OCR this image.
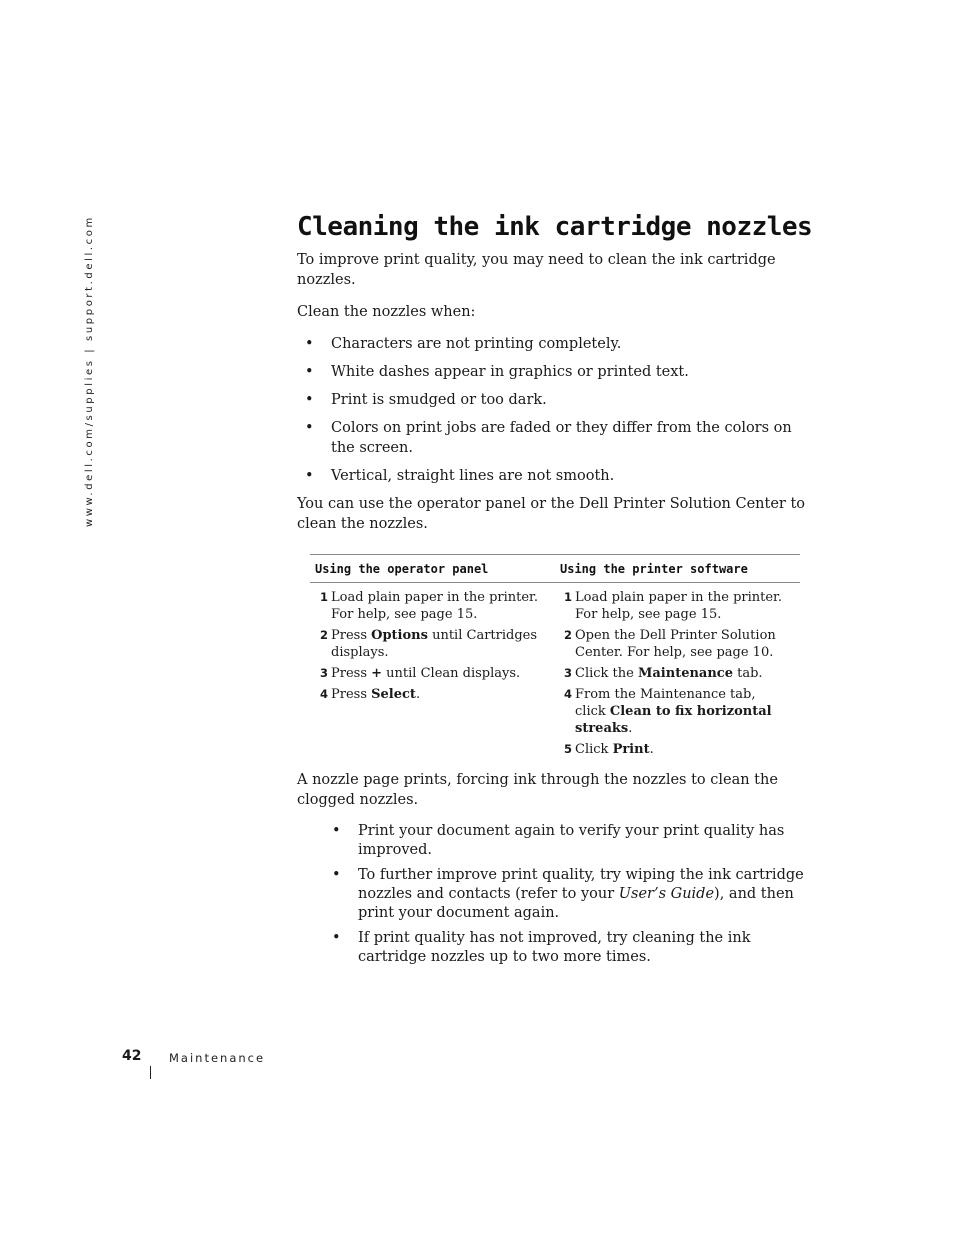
www.dell.com/supplies | support.dell.com	Cleaning the ink cartridge nozzles

To improve print quality, you may need to clean the ink cartridge nozzles.

Clean the nozzles when:

• Characters are not printing completely.
• White dashes appear in graphics or printed text.
• Print is smudged or too dark.
• Colors on print jobs are faded or they differ from the colors on the screen.
• Vertical, straight lines are not smooth.

You can use the operator panel or the Dell Printer Solution Center to clean the nozzles.

Using the operator panel	Using the printer software
1 Load plain paper in the printer. For help, see page 15.
2 Press Options until Cartridges displays.
3 Press + until Clean displays.
4 Press Select.
1 Load plain paper in the printer. For help, see page 15.
2 Open the Dell Printer Solution Center. For help, see page 10.
3 Click the Maintenance tab.
4 From the Maintenance tab, click Clean to fix horizontal streaks.
5 Click Print.

A nozzle page prints, forcing ink through the nozzles to clean the clogged nozzles.

• Print your document again to verify your print quality has improved.
• To further improve print quality, try wiping the ink cartridge nozzles and contacts (refer to your User’s Guide), and then print your document again.
• If print quality has not improved, try cleaning the ink cartridge nozzles up to two more times.
42 Maintenance
